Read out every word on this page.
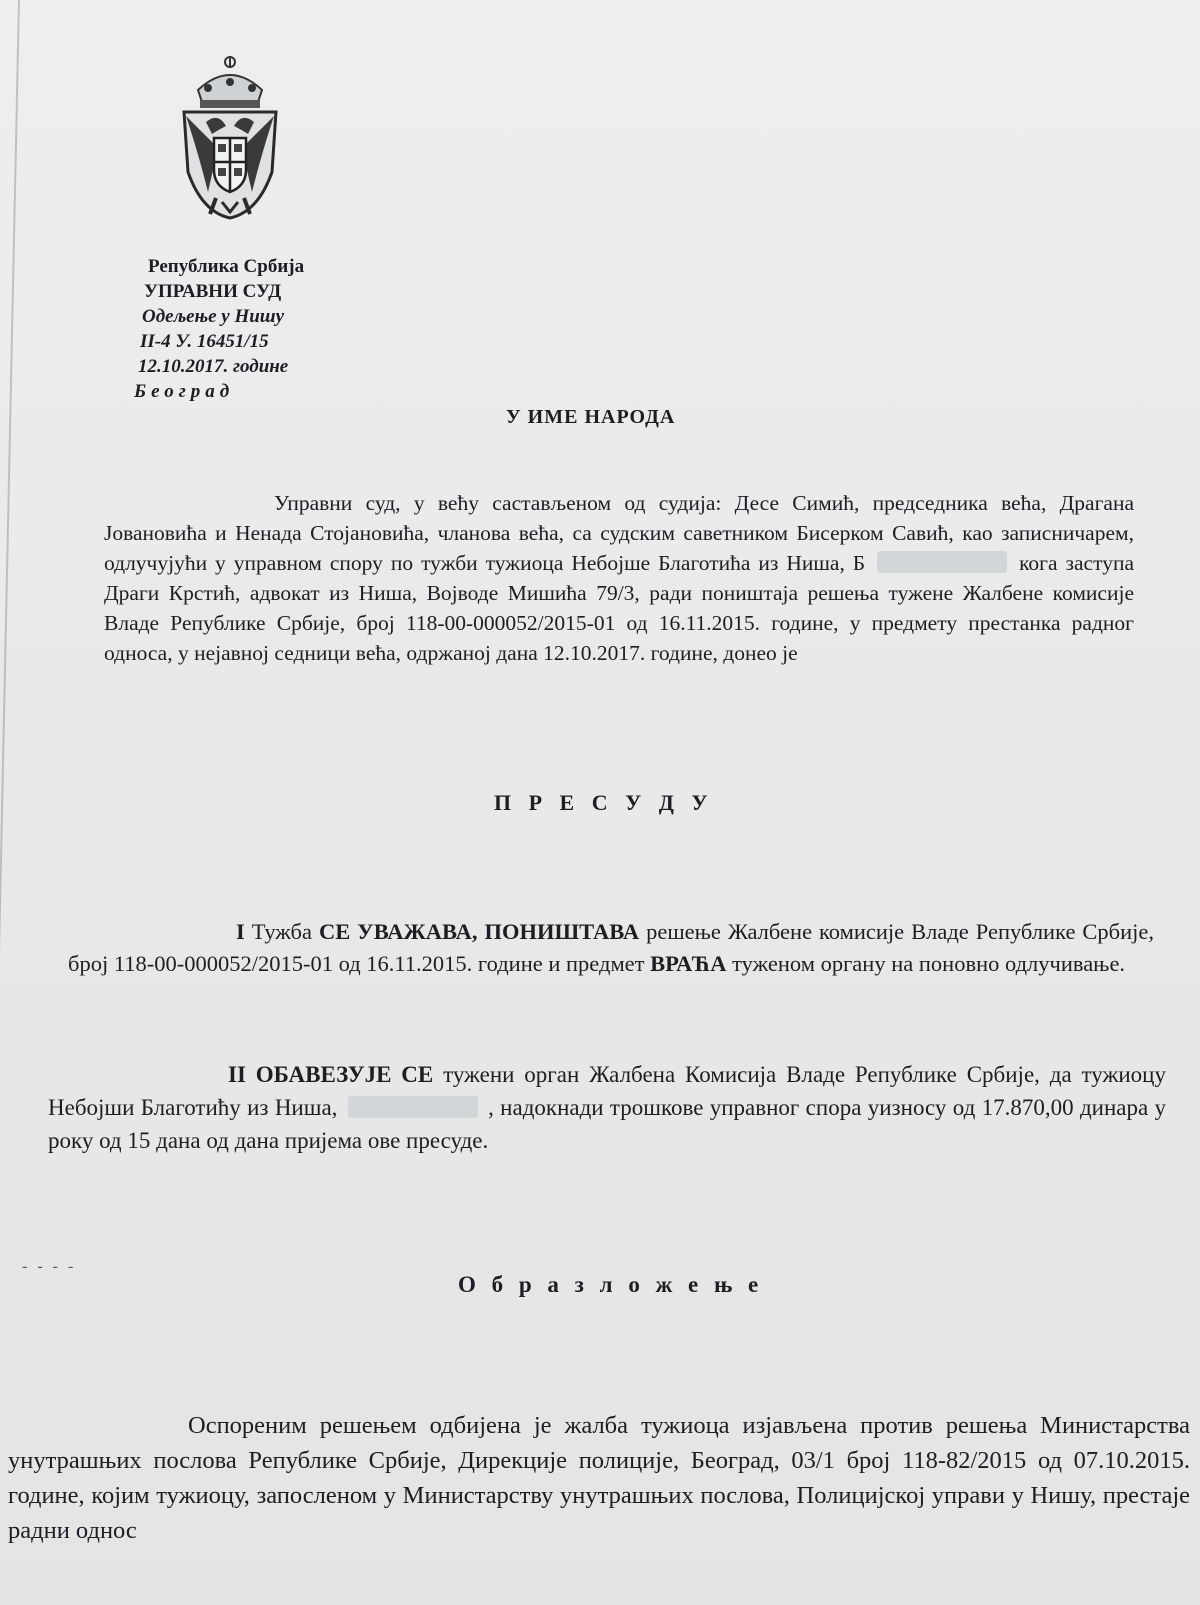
Република Србија
УПРАВНИ СУД
Одељење у Нишу
II-4 У. 16451/15
12.10.2017. године
Београд
У ИМЕ НАРОДА
Управни суд, у већу састављеном од судија: Десе Симић, председника већа, Драгана Јовановића и Ненада Стојановића, чланова већа, са судским саветником Бисерком Савић, као записничарем, одлучујући у управном спору по тужби тужиоца Небојше Благотића из Ниша, Б	кога заступа Драги Крстић, адвокат из Ниша, Војводе Мишића 79/3, ради поништаја решења тужене Жалбене комисије Владе Републике Србије, број 118-00-000052/2015-01 од 16.11.2015. године, у предмету престанка радног односа, у нејавној седници већа, одржаној дана 12.10.2017. године, донео је
П Р Е С У Д У
I Тужба СЕ УВАЖАВА, ПОНИШТАВА решење Жалбене комисије Владе Републике Србије, број 118-00-000052/2015-01 од 16.11.2015. године и предмет ВРАЋА туженом органу на поновно одлучивање.
II ОБАВЕЗУЈЕ СЕ тужени орган Жалбена Комисија Владе Републике Србије, да тужиоцу Небојши Благотићу из Ниша,	, надокнади трошкове управног спора уизносу од 17.870,00 динара у року од 15 дана од дана пријема ове пресуде.
- - - -
О б р а з л о ж е њ е
Оспореним решењем одбијена је жалба тужиоца изјављена против решења Министарства унутрашњих послова Републике Србије, Дирекције полиције, Београд, 03/1 број 118-82/2015 од 07.10.2015. године, којим тужиоцу, запосленом у Министарству унутрашњих послова, Полицијској управи у Нишу, престаје радни однос
